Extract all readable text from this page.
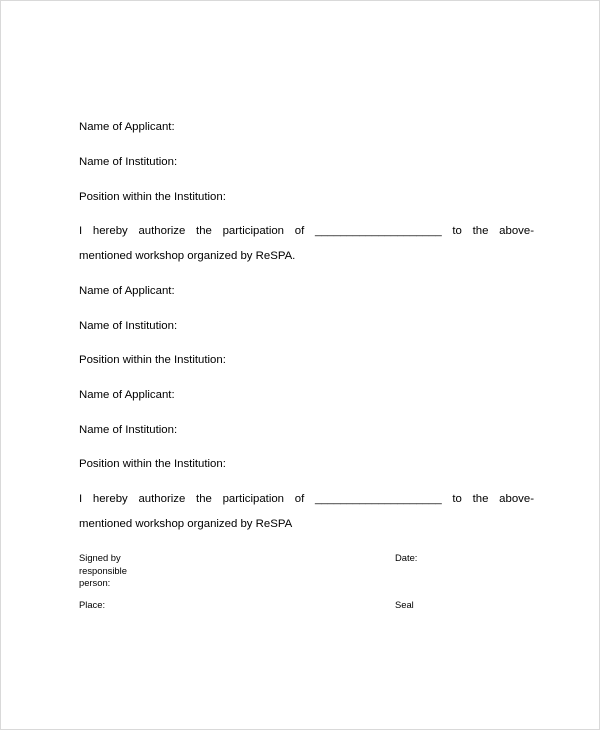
Name of Applicant:
Name of Institution:
Position within the Institution:
I hereby authorize the participation of ____________________ to the above-
mentioned workshop organized by ReSPA.
Name of Applicant:
Name of Institution:
Position within the Institution:
Name of Applicant:
Name of Institution:
Position within the Institution:
I hereby authorize the participation of ____________________ to the above-
mentioned workshop organized by ReSPA
Signed by
responsible
person:
Date:
Place:	Seal
